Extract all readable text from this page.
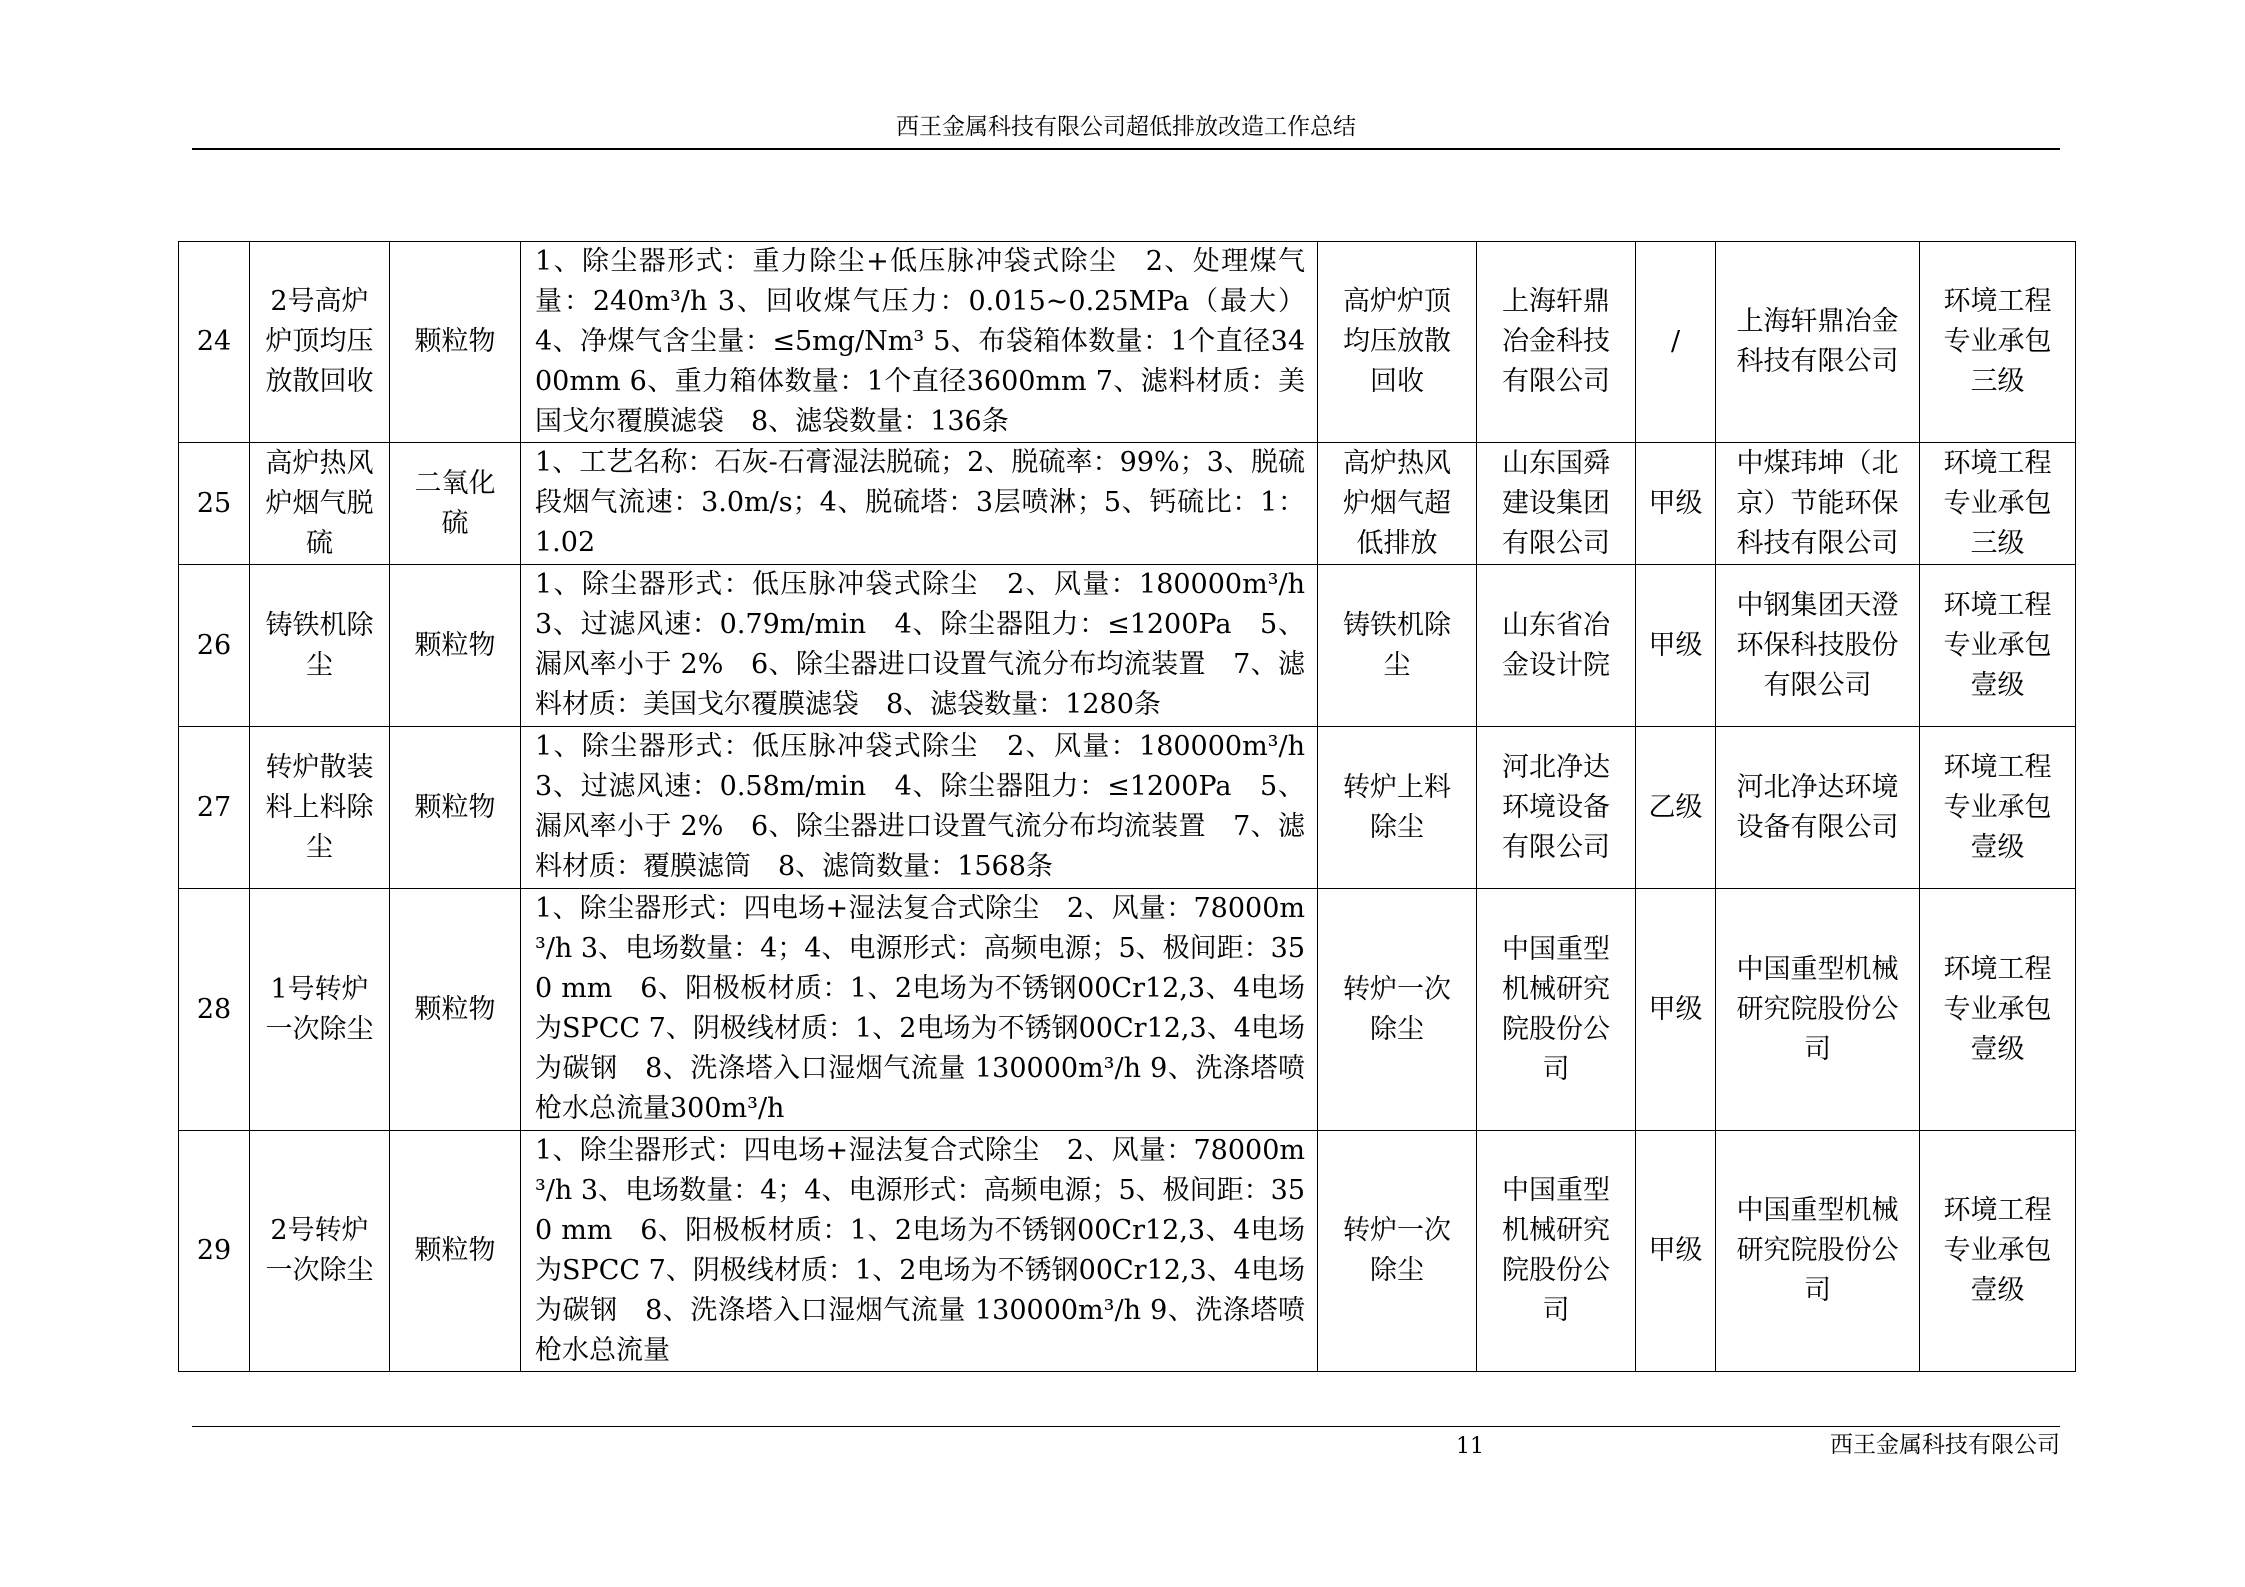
西王金属科技有限公司超低排放改造工作总结
24	2号高炉炉顶均压放散回收	颗粒物	1、除尘器形式：重力除尘+低压脉冲袋式除尘　2、处理煤气量：240m³/h 3、回收煤气压力：0.015~0.25MPa（最大）4、净煤气含尘量：≤5mg/Nm³ 5、布袋箱体数量：1个直径3400mm 6、重力箱体数量：1个直径3600mm 7、滤料材质：美国戈尔覆膜滤袋　8、滤袋数量：136条	高炉炉顶均压放散回收	上海轩鼎冶金科技有限公司	/	上海轩鼎冶金科技有限公司	环境工程专业承包三级
25	高炉热风炉烟气脱硫	二氧化硫	1、工艺名称：石灰-石膏湿法脱硫；2、脱硫率：99%；3、脱硫段烟气流速：3.0m/s；4、脱硫塔：3层喷淋；5、钙硫比：1：1.02	高炉热风炉烟气超低排放	山东国舜建设集团有限公司	甲级	中煤玮坤（北京）节能环保科技有限公司	环境工程专业承包三级
26	铸铁机除尘	颗粒物	1、除尘器形式：低压脉冲袋式除尘　2、风量：180000m³/h　3、过滤风速：0.79m/min　4、除尘器阻力：≤1200Pa　5、漏风率小于 2%　6、除尘器进口设置气流分布均流装置　7、滤料材质：美国戈尔覆膜滤袋　8、滤袋数量：1280条	铸铁机除尘	山东省冶金设计院	甲级	中钢集团天澄环保科技股份有限公司	环境工程专业承包壹级
27	转炉散装料上料除尘	颗粒物	1、除尘器形式：低压脉冲袋式除尘　2、风量：180000m³/h　3、过滤风速：0.58m/min　4、除尘器阻力：≤1200Pa　5、漏风率小于 2%　6、除尘器进口设置气流分布均流装置　7、滤料材质：覆膜滤筒　8、滤筒数量：1568条	转炉上料除尘	河北净达环境设备有限公司	乙级	河北净达环境设备有限公司	环境工程专业承包壹级
28	1号转炉一次除尘	颗粒物	1、除尘器形式：四电场+湿法复合式除尘　2、风量：78000m³/h 3、电场数量：4；4、电源形式：高频电源；5、极间距：350 mm　6、阳极板材质：1、2电场为不锈钢00Cr12,3、4电场为SPCC 7、阴极线材质：1、2电场为不锈钢00Cr12,3、4电场为碳钢　8、洗涤塔入口湿烟气流量 130000m³/h 9、洗涤塔喷枪水总流量300m³/h	转炉一次除尘	中国重型机械研究院股份公司	甲级	中国重型机械研究院股份公司	环境工程专业承包壹级
29	2号转炉一次除尘	颗粒物	1、除尘器形式：四电场+湿法复合式除尘　2、风量：78000m³/h 3、电场数量：4；4、电源形式：高频电源；5、极间距：350 mm　6、阳极板材质：1、2电场为不锈钢00Cr12,3、4电场为SPCC 7、阴极线材质：1、2电场为不锈钢00Cr12,3、4电场为碳钢　8、洗涤塔入口湿烟气流量 130000m³/h 9、洗涤塔喷枪水总流量	转炉一次除尘	中国重型机械研究院股份公司	甲级	中国重型机械研究院股份公司	环境工程专业承包壹级
11	西王金属科技有限公司
